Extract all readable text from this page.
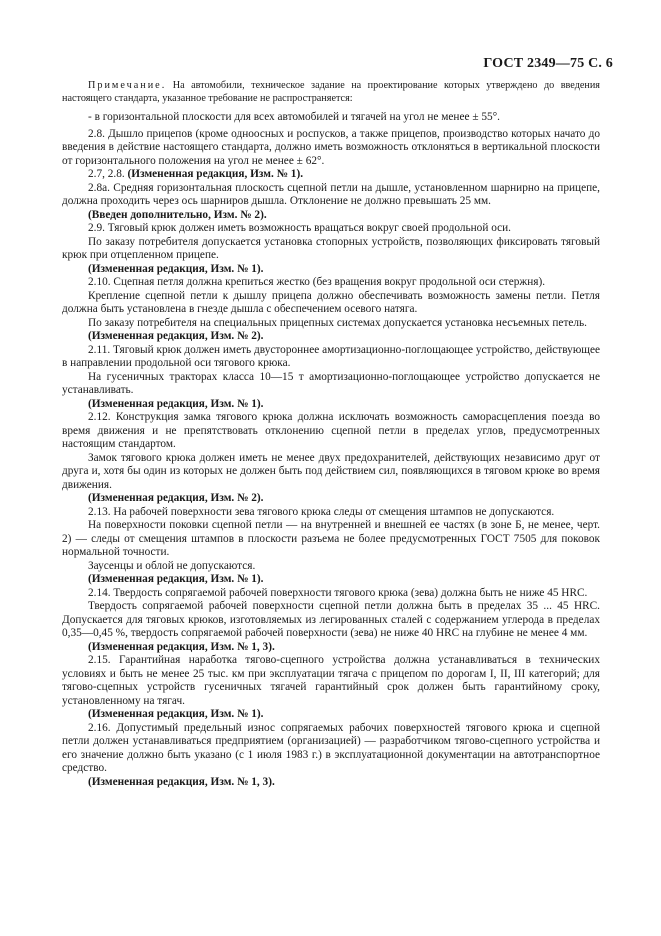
ГОСТ 2349—75 С. 6

Примечание. На автомобили, техническое задание на проектирование которых утверждено до введения настоящего стандарта, указанное требование не распространяется:

- в горизонтальной плоскости для всех автомобилей и тягачей на угол не менее ± 55°.

2.8. Дышло прицепов (кроме одноосных и роспусков, а также прицепов, производство которых начато до введения в действие настоящего стандарта, должно иметь возможность отклоняться в вертикальной плоскости от горизонтального положения на угол не менее ± 62°.

2.7, 2.8. (Измененная редакция, Изм. № 1).

2.8а. Средняя горизонтальная плоскость сцепной петли на дышле, установленном шарнирно на прицепе, должна проходить через ось шарниров дышла. Отклонение не должно превышать 25 мм.

(Введен дополнительно, Изм. № 2).

2.9. Тяговый крюк должен иметь возможность вращаться вокруг своей продольной оси.

По заказу потребителя допускается установка стопорных устройств, позволяющих фиксировать тяговый крюк при отцепленном прицепе.

(Измененная редакция, Изм. № 1).

2.10. Сцепная петля должна крепиться жестко (без вращения вокруг продольной оси стержня).

Крепление сцепной петли к дышлу прицепа должно обеспечивать возможность замены петли. Петля должна быть установлена в гнезде дышла с обеспечением осевого натяга.

По заказу потребителя на специальных прицепных системах допускается установка несъемных петель.

(Измененная редакция, Изм. № 2).

2.11. Тяговый крюк должен иметь двустороннее амортизационно-поглощающее устройство, действующее в направлении продольной оси тягового крюка.

На гусеничных тракторах класса 10—15 т амортизационно-поглощающее устройство допускается не устанавливать.

(Измененная редакция, Изм. № 1).

2.12. Конструкция замка тягового крюка должна исключать возможность саморасцепления поезда во время движения и не препятствовать отклонению сцепной петли в пределах углов, предусмотренных настоящим стандартом.

Замок тягового крюка должен иметь не менее двух предохранителей, действующих независимо друг от друга и, хотя бы один из которых не должен быть под действием сил, появляющихся в тяговом крюке во время движения.

(Измененная редакция, Изм. № 2).

2.13. На рабочей поверхности зева тягового крюка следы от смещения штампов не допускаются.

На поверхности поковки сцепной петли — на внутренней и внешней ее частях (в зоне Б, не менее, черт. 2) — следы от смещения штампов в плоскости разъема не более предусмотренных ГОСТ 7505 для поковок нормальной точности.

Заусенцы и облой не допускаются.

(Измененная редакция, Изм. № 1).

2.14. Твердость сопрягаемой рабочей поверхности тягового крюка (зева) должна быть не ниже 45 HRC.

Твердость сопрягаемой рабочей поверхности сцепной петли должна быть в пределах 35 ... 45 HRC. Допускается для тяговых крюков, изготовляемых из легированных сталей с содержанием углерода в пределах 0,35—0,45 %, твердость сопрягаемой рабочей поверхности (зева) не ниже 40 HRC на глубине не менее 4 мм.

(Измененная редакция, Изм. № 1, 3).

2.15. Гарантийная наработка тягово-сцепного устройства должна устанавливаться в технических условиях и быть не менее 25 тыс. км при эксплуатации тягача с прицепом по дорогам I, II, III категорий; для тягово-сцепных устройств гусеничных тягачей гарантийный срок должен быть гарантийному сроку, установленному на тягач.

(Измененная редакция, Изм. № 1).

2.16. Допустимый предельный износ сопрягаемых рабочих поверхностей тягового крюка и сцепной петли должен устанавливаться предприятием (организацией) — разработчиком тягово-сцепного устройства и его значение должно быть указано (с 1 июля 1983 г.) в эксплуатационной документации на автотранспортное средство.

(Измененная редакция, Изм. № 1, 3).
